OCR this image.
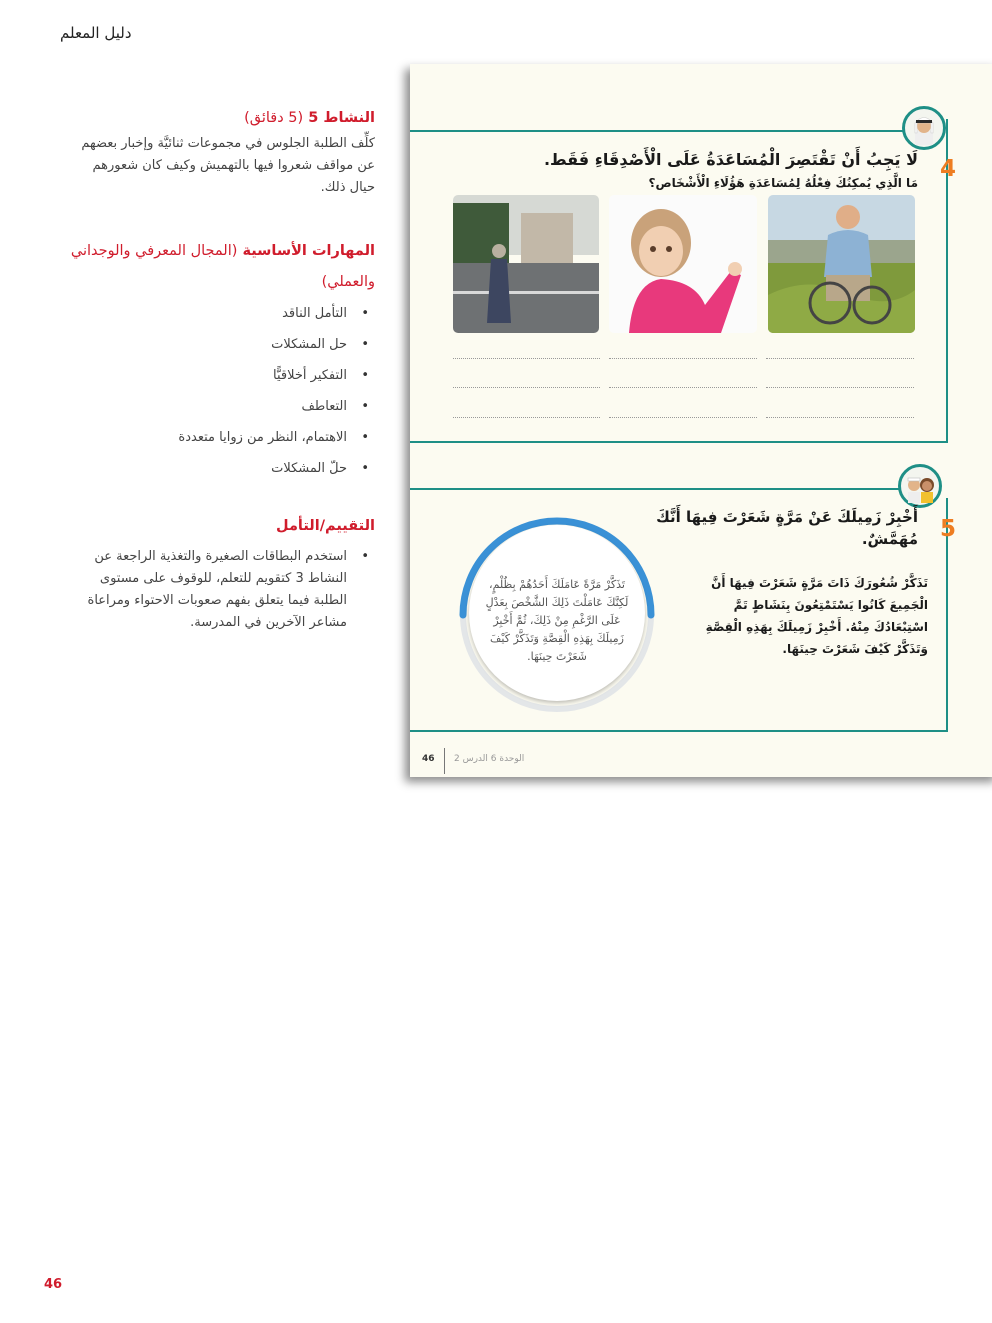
دليل المعلم
النشاط 5 (5 دقائق)
كلِّف الطلبة الجلوس في مجموعات ثنائيَّة وإخبار بعضهم عن مواقف شعروا فيها بالتهميش وكيف كان شعورهم حيال ذلك.
المهارات الأساسية (المجال المعرفي والوجداني
والعملي)
• التأمل الناقد
• حل المشكلات
• التفكير أخلاقيًّا
• التعاطف
• الاهتمام، النظر من زوايا متعددة
• حلّ المشكلات
التقييم/التأمل
• استخدم البطاقات الصغيرة والتغذية الراجعة عن النشاط 3 كتقويم للتعلم، للوقوف على مستوى الطلبة فيما يتعلق بفهم صعوبات الاحتواء ومراعاة مشاعر الآخرين في المدرسة.
4
لَا يَجِبُ أَنْ تَقْتَصِرَ الْمُسَاعَدَةُ عَلَى الْأَصْدِقَاءِ فَقَط.
مَا الَّذِي يُمكِنُكَ فِعْلُهُ لِمُسَاعَدَةِ هَؤُلَاءِ الْأَشْخَاص؟
5
أَخْبِرْ زَمِيلَكَ عَنْ مَرَّةٍ شَعَرْتَ فِيهَا أَنَّكَ
مُهَمَّشٌ.
تَذَكَّرْ شُعُورَكَ ذَاتَ مَرَّةٍ شَعَرْتَ فِيهَا أَنَّ الْجَمِيعَ كَانُوا يَسْتَمْتِعُونَ بِنَشَاطٍ تَمَّ اسْتِبْعَادُكَ مِنْهُ. أَخْبِرْ زَمِيلَكَ بِهَذِهِ الْقِصَّةِ وَتَذَكَّرْ كَيْفَ شَعَرْتَ حِينَهَا.
تَذَكَّرْ مَرَّةً عَامَلَكَ أَحَدُهُمْ بِظُلْمٍ، لَكِنَّكَ عَامَلْتَ ذَلِكَ الشَّخْصَ بِعَدْلٍ عَلَى الرَّغْمِ مِنْ ذَلِكَ، ثُمَّ أَخْبِرْ زَمِيلَكَ بِهَذِهِ الْقِصَّةِ وَتَذَكَّرْ كَيْفَ شَعَرْتَ حِينَهَا.
46 الوحدة 6 الدرس 2
46
